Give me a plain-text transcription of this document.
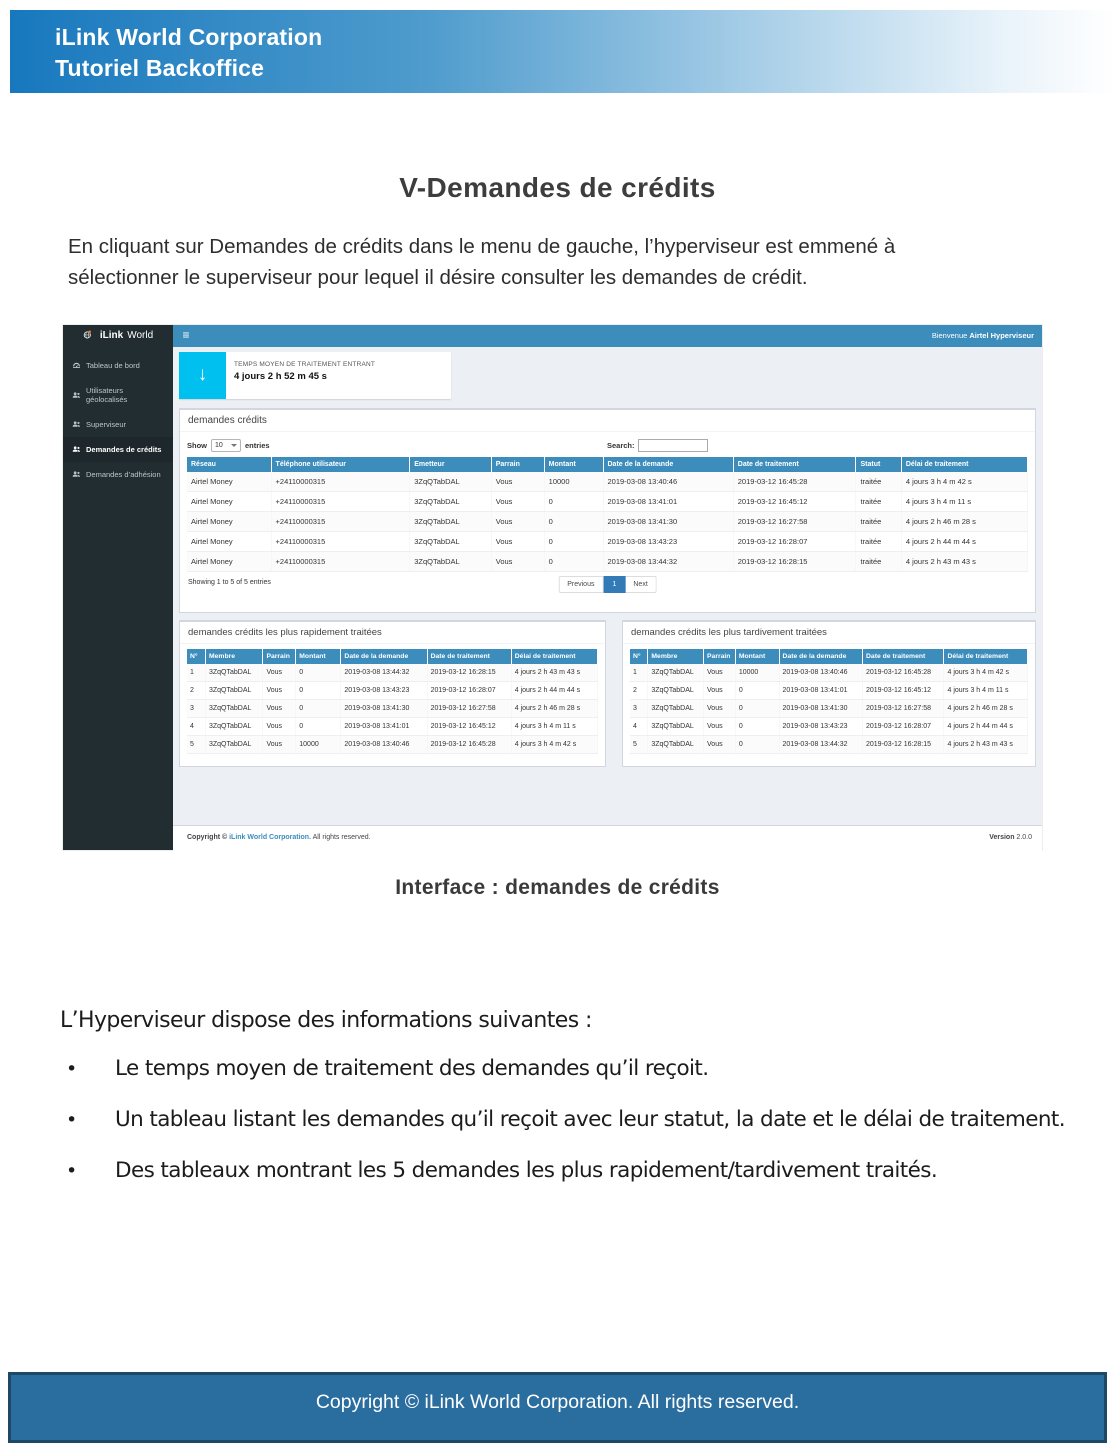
iLink World Corporation
Tutoriel Backoffice
V-Demandes de crédits
En cliquant sur Demandes de crédits dans le menu de gauche, l’hyperviseur est emmené à
sélectionner le superviseur pour lequel il désire consulter les demandes de crédit.
iLink World	≡	Bienvenue Airtel Hyperviseur
Tableau de bord
Utilisateurs géolocalisés
Superviseur
Demandes de crédits
Demandes d’adhésion
↓	TEMPS MOYEN DE TRAITEMENT ENTRANT
4 jours 2 h 52 m 45 s
demandes crédits
Show 10	entries	Search:
Réseau	Téléphone utilisateur	Emetteur	Parrain	Montant	Date de la demande	Date de traitement	Statut	Délai de traitement
Airtel Money	+24110000315	3ZqQTabDAL	Vous	10000	2019-03-08 13:40:46	2019-03-12 16:45:28	traitée	4 jours 3 h 4 m 42 s
Airtel Money	+24110000315	3ZqQTabDAL	Vous	0	2019-03-08 13:41:01	2019-03-12 16:45:12	traitée	4 jours 3 h 4 m 11 s
Airtel Money	+24110000315	3ZqQTabDAL	Vous	0	2019-03-08 13:41:30	2019-03-12 16:27:58	traitée	4 jours 2 h 46 m 28 s
Airtel Money	+24110000315	3ZqQTabDAL	Vous	0	2019-03-08 13:43:23	2019-03-12 16:28:07	traitée	4 jours 2 h 44 m 44 s
Airtel Money	+24110000315	3ZqQTabDAL	Vous	0	2019-03-08 13:44:32	2019-03-12 16:28:15	traitée	4 jours 2 h 43 m 43 s
Showing 1 to 5 of 5 entries	Previous	1	Next
demandes crédits les plus rapidement traitées
N°	Membre	Parrain	Montant	Date de la demande	Date de traitement	Délai de traitement
1	3ZqQTabDAL	Vous	0	2019-03-08 13:44:32	2019-03-12 16:28:15	4 jours 2 h 43 m 43 s
2	3ZqQTabDAL	Vous	0	2019-03-08 13:43:23	2019-03-12 16:28:07	4 jours 2 h 44 m 44 s
3	3ZqQTabDAL	Vous	0	2019-03-08 13:41:30	2019-03-12 16:27:58	4 jours 2 h 46 m 28 s
4	3ZqQTabDAL	Vous	0	2019-03-08 13:41:01	2019-03-12 16:45:12	4 jours 3 h 4 m 11 s
5	3ZqQTabDAL	Vous	10000	2019-03-08 13:40:46	2019-03-12 16:45:28	4 jours 3 h 4 m 42 s
demandes crédits les plus tardivement traitées
N°	Membre	Parrain	Montant	Date de la demande	Date de traitement	Délai de traitement
1	3ZqQTabDAL	Vous	10000	2019-03-08 13:40:46	2019-03-12 16:45:28	4 jours 3 h 4 m 42 s
2	3ZqQTabDAL	Vous	0	2019-03-08 13:41:01	2019-03-12 16:45:12	4 jours 3 h 4 m 11 s
3	3ZqQTabDAL	Vous	0	2019-03-08 13:41:30	2019-03-12 16:27:58	4 jours 2 h 46 m 28 s
4	3ZqQTabDAL	Vous	0	2019-03-08 13:43:23	2019-03-12 16:28:07	4 jours 2 h 44 m 44 s
5	3ZqQTabDAL	Vous	0	2019-03-08 13:44:32	2019-03-12 16:28:15	4 jours 2 h 43 m 43 s
Copyright © iLink World Corporation. All rights reserved.	Version 2.0.0
Interface : demandes de crédits

L’Hyperviseur dispose des informations suivantes :

•	Le temps moyen de traitement des demandes qu’il reçoit.
•	Un tableau listant les demandes qu’il reçoit avec leur statut, la date et le délai de traitement.
•	Des tableaux montrant les 5 demandes les plus rapidement/tardivement traités.
Copyright © iLink World Corporation. All rights reserved.
